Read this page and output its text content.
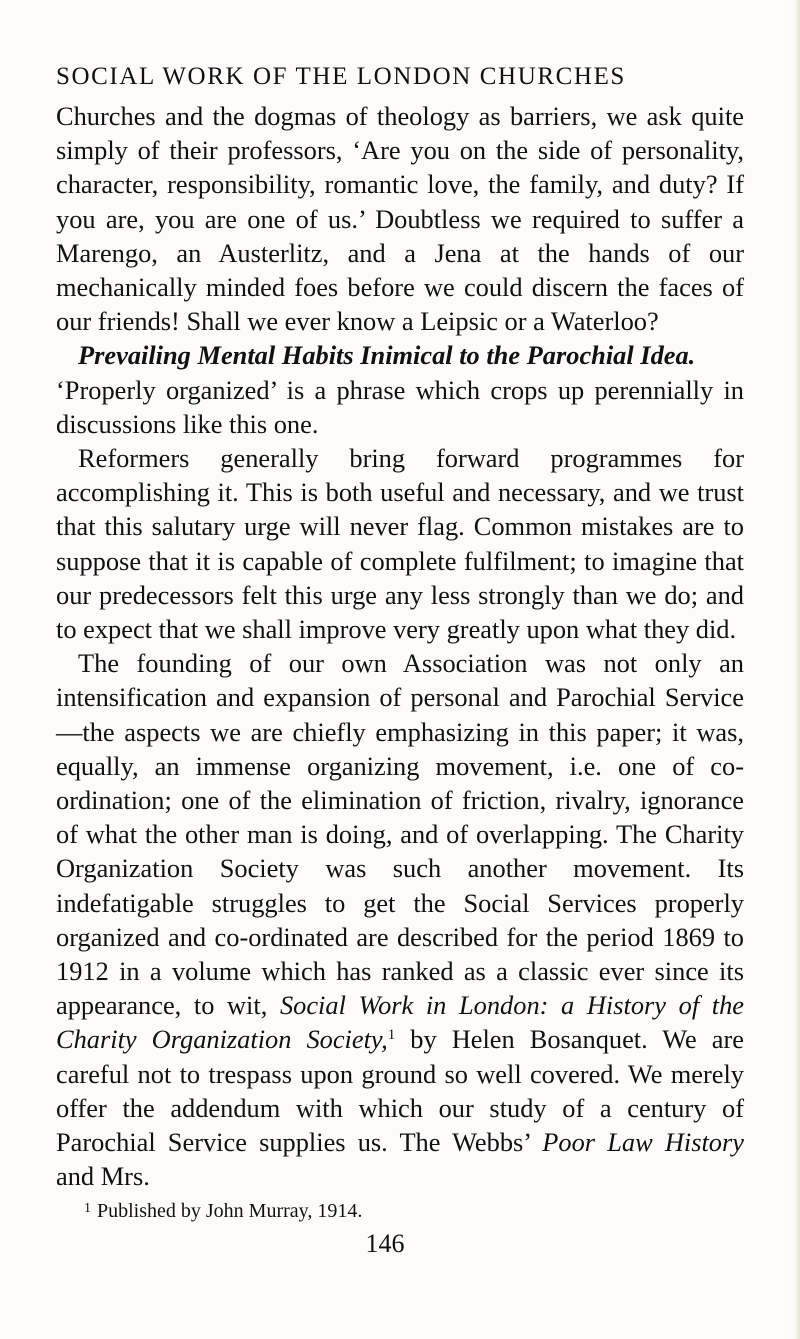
SOCIAL WORK OF THE LONDON CHURCHES

Churches and the dogmas of theology as barriers, we ask quite simply of their professors, ‘Are you on the side of personality, character, responsibility, romantic love, the family, and duty? If you are, you are one of us.’ Doubtless we required to suffer a Marengo, an Austerlitz, and a Jena at the hands of our mechanically minded foes before we could discern the faces of our friends! Shall we ever know a Leipsic or a Waterloo?

Prevailing Mental Habits Inimical to the Parochial Idea.

‘Properly organized’ is a phrase which crops up perennially in discussions like this one.

Reformers generally bring forward programmes for accomplishing it. This is both useful and necessary, and we trust that this salutary urge will never flag. Common mistakes are to suppose that it is capable of complete fulfilment; to imagine that our predecessors felt this urge any less strongly than we do; and to expect that we shall improve very greatly upon what they did.

The founding of our own Association was not only an intensification and expansion of personal and Parochial Service—the aspects we are chiefly emphasizing in this paper; it was, equally, an immense organizing movement, i.e. one of co-ordination; one of the elimination of friction, rivalry, ignorance of what the other man is doing, and of overlapping. The Charity Organization Society was such another movement. Its indefatigable struggles to get the Social Services properly organized and co-ordinated are described for the period 1869 to 1912 in a volume which has ranked as a classic ever since its appearance, to wit, Social Work in London: a History of the Charity Organization Society,$^1$ by Helen Bosanquet. We are careful not to trespass upon ground so well covered. We merely offer the addendum with which our study of a century of Parochial Service supplies us. The Webbs’ Poor Law History and Mrs.

$^1$ Published by John Murray, 1914.
146
